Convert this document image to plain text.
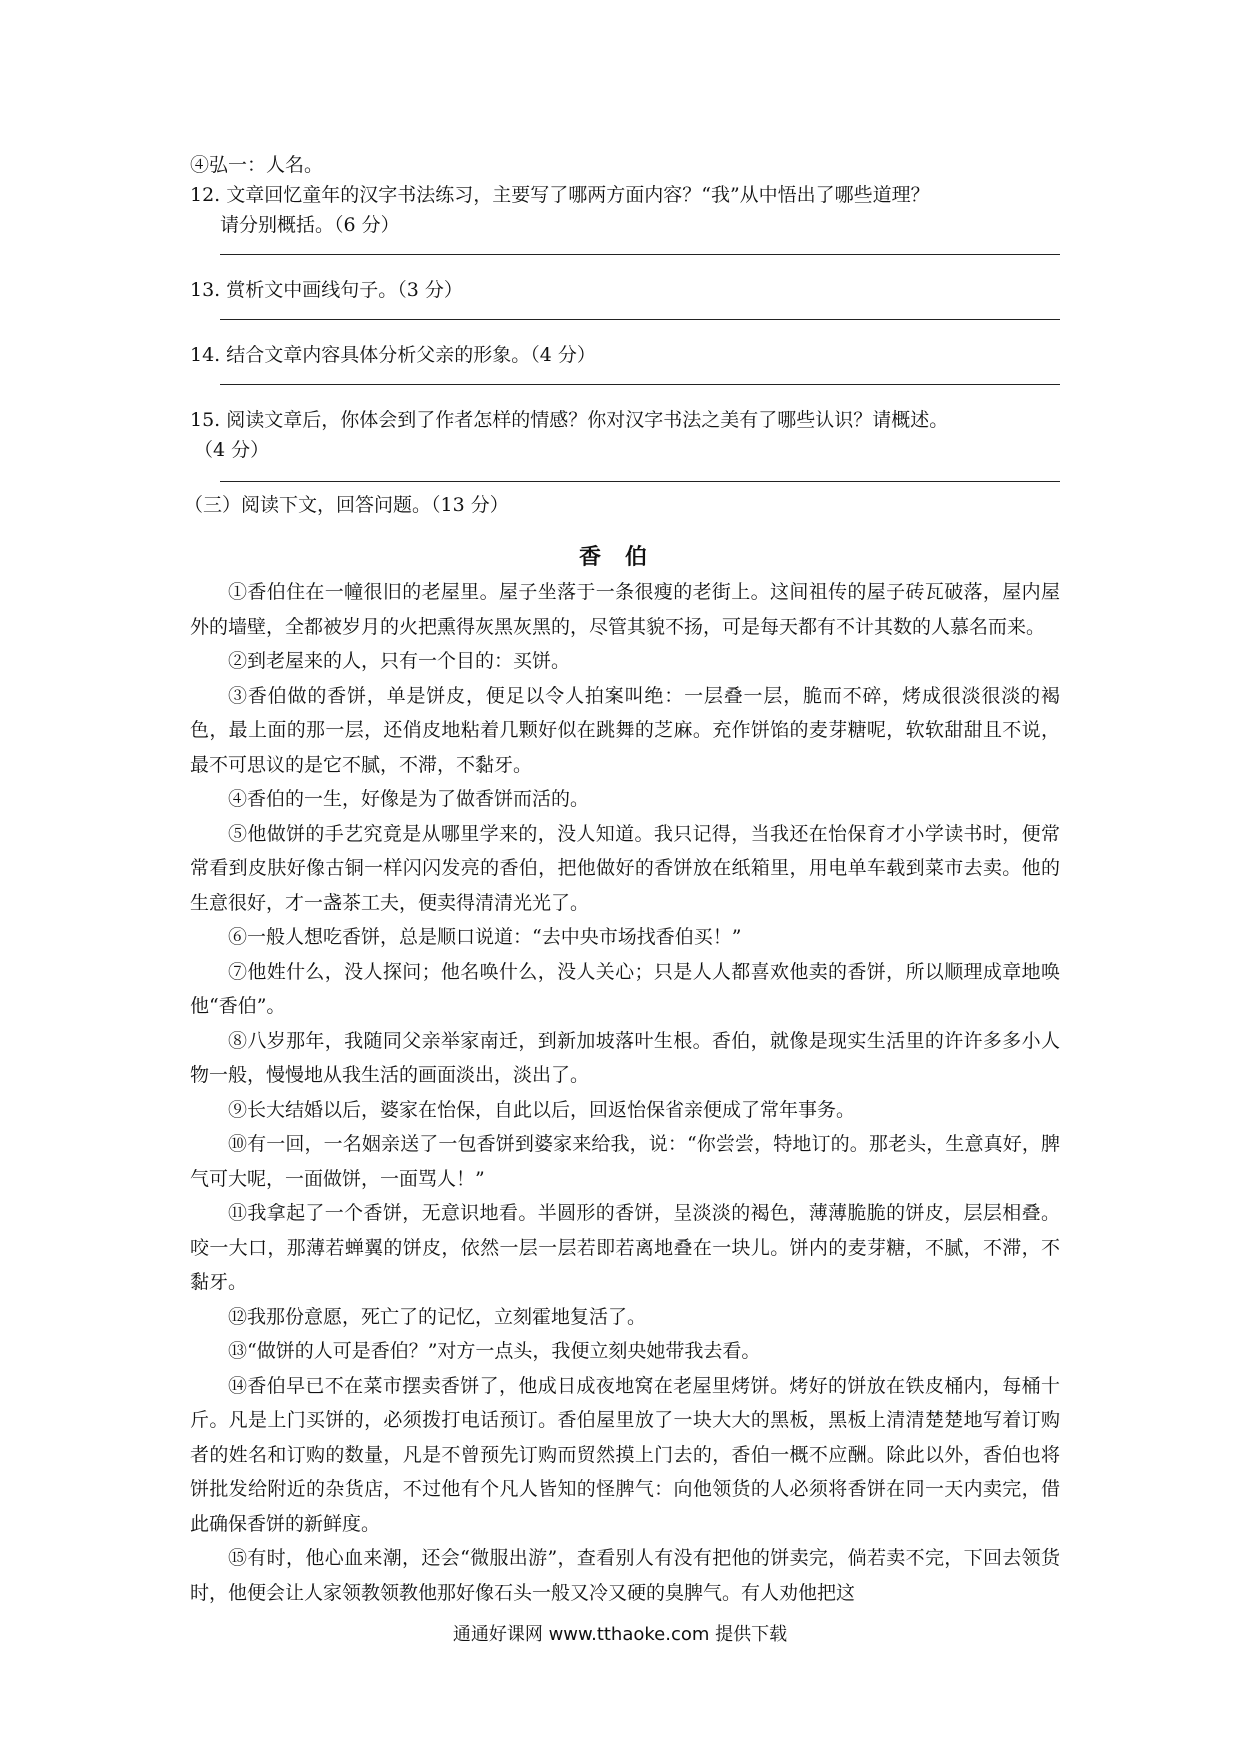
④弘一：人名。

12. 文章回忆童年的汉字书法练习，主要写了哪两方面内容？“我”从中悟出了哪些道理？

请分别概括。（6 分）

13. 赏析文中画线句子。（3 分）

14. 结合文章内容具体分析父亲的形象。（4 分）

15. 阅读文章后，你体会到了作者怎样的情感？你对汉字书法之美有了哪些认识？请概述。

（4 分）

（三）阅读下文，回答问题。（13 分）

香伯

①香伯住在一幢很旧的老屋里。屋子坐落于一条很瘦的老街上。这间祖传的屋子砖瓦破落，屋内屋外的墙壁，全都被岁月的火把熏得灰黑灰黑的，尽管其貌不扬，可是每天都有不计其数的人慕名而来。

②到老屋来的人，只有一个目的：买饼。

③香伯做的香饼，单是饼皮，便足以令人拍案叫绝：一层叠一层，脆而不碎，烤成很淡很淡的褐色，最上面的那一层，还俏皮地粘着几颗好似在跳舞的芝麻。充作饼馅的麦芽糖呢，软软甜甜且不说，最不可思议的是它不腻，不滞，不黏牙。

④香伯的一生，好像是为了做香饼而活的。

⑤他做饼的手艺究竟是从哪里学来的，没人知道。我只记得，当我还在怡保育才小学读书时，便常常看到皮肤好像古铜一样闪闪发亮的香伯，把他做好的香饼放在纸箱里，用电单车载到菜市去卖。他的生意很好，才一盏茶工夫，便卖得清清光光了。

⑥一般人想吃香饼，总是顺口说道：“去中央市场找香伯买！”

⑦他姓什么，没人探问；他名唤什么，没人关心；只是人人都喜欢他卖的香饼，所以顺理成章地唤他“香伯”。

⑧八岁那年，我随同父亲举家南迁，到新加坡落叶生根。香伯，就像是现实生活里的许许多多小人物一般，慢慢地从我生活的画面淡出，淡出了。

⑨长大结婚以后，婆家在怡保，自此以后，回返怡保省亲便成了常年事务。

⑩有一回，一名姻亲送了一包香饼到婆家来给我，说：“你尝尝，特地订的。那老头，生意真好，脾气可大呢，一面做饼，一面骂人！”

⑪我拿起了一个香饼，无意识地看。半圆形的香饼，呈淡淡的褐色，薄薄脆脆的饼皮，层层相叠。咬一大口，那薄若蝉翼的饼皮，依然一层一层若即若离地叠在一块儿。饼内的麦芽糖，不腻，不滞，不黏牙。

⑫我那份意愿，死亡了的记忆，立刻霍地复活了。

⑬“做饼的人可是香伯？”对方一点头，我便立刻央她带我去看。

⑭香伯早已不在菜市摆卖香饼了，他成日成夜地窝在老屋里烤饼。烤好的饼放在铁皮桶内，每桶十斤。凡是上门买饼的，必须拨打电话预订。香伯屋里放了一块大大的黑板，黑板上清清楚楚地写着订购者的姓名和订购的数量，凡是不曾预先订购而贸然摸上门去的，香伯一概不应酬。除此以外，香伯也将饼批发给附近的杂货店，不过他有个凡人皆知的怪脾气：向他领货的人必须将香饼在同一天内卖完，借此确保香饼的新鲜度。

⑮有时，他心血来潮，还会“微服出游”，查看别人有没有把他的饼卖完，倘若卖不完，下回去领货时，他便会让人家领教领教他那好像石头一般又冷又硬的臭脾气。有人劝他把这

通通好课网 www.tthaoke.com 提供下载
